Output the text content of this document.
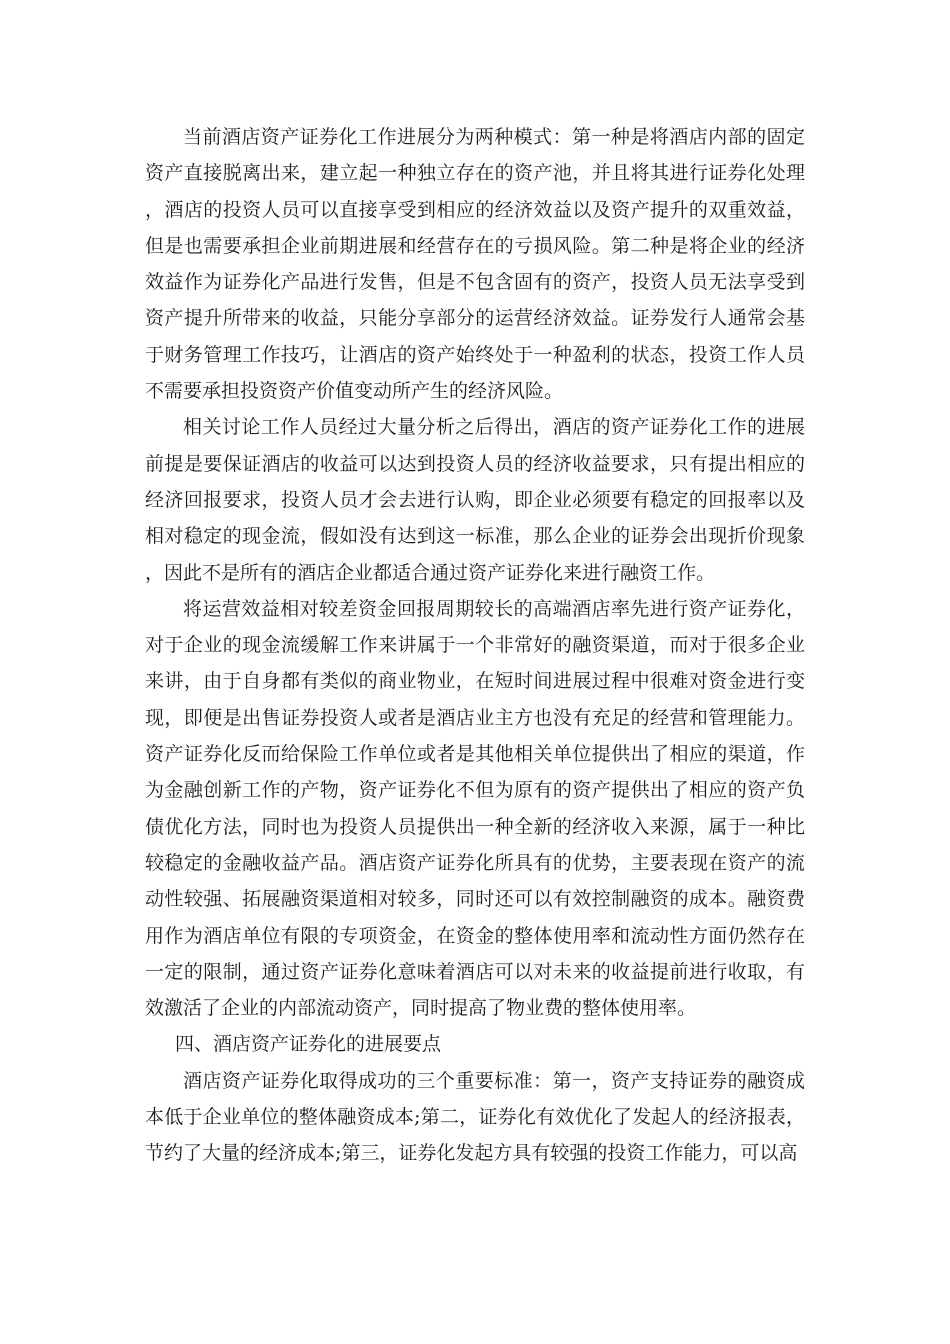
当前酒店资产证券化工作进展分为两种模式：第一种是将酒店内部的固定资产直接脱离出来，建立起一种独立存在的资产池，并且将其进行证券化处理，酒店的投资人员可以直接享受到相应的经济效益以及资产提升的双重效益，但是也需要承担企业前期进展和经营存在的亏损风险。第二种是将企业的经济效益作为证券化产品进行发售，但是不包含固有的资产，投资人员无法享受到资产提升所带来的收益，只能分享部分的运营经济效益。证券发行人通常会基于财务管理工作技巧，让酒店的资产始终处于一种盈利的状态，投资工作人员不需要承担投资资产价值变动所产生的经济风险。

相关讨论工作人员经过大量分析之后得出，酒店的资产证券化工作的进展前提是要保证酒店的收益可以达到投资人员的经济收益要求，只有提出相应的经济回报要求，投资人员才会去进行认购，即企业必须要有稳定的回报率以及相对稳定的现金流，假如没有达到这一标准，那么企业的证券会出现折价现象，因此不是所有的酒店企业都适合通过资产证券化来进行融资工作。

将运营效益相对较差资金回报周期较长的高端酒店率先进行资产证券化，对于企业的现金流缓解工作来讲属于一个非常好的融资渠道，而对于很多企业来讲，由于自身都有类似的商业物业，在短时间进展过程中很难对资金进行变现，即便是出售证券投资人或者是酒店业主方也没有充足的经营和管理能力。资产证券化反而给保险工作单位或者是其他相关单位提供出了相应的渠道，作为金融创新工作的产物，资产证券化不但为原有的资产提供出了相应的资产负债优化方法，同时也为投资人员提供出一种全新的经济收入来源，属于一种比较稳定的金融收益产品。酒店资产证券化所具有的优势，主要表现在资产的流动性较强、拓展融资渠道相对较多，同时还可以有效控制融资的成本。融资费用作为酒店单位有限的专项资金，在资金的整体使用率和流动性方面仍然存在一定的限制，通过资产证券化意味着酒店可以对未来的收益提前进行收取，有效激活了企业的内部流动资产，同时提高了物业费的整体使用率。

四、酒店资产证券化的进展要点

酒店资产证券化取得成功的三个重要标准：第一，资产支持证券的融资成本低于企业单位的整体融资成本;第二，证券化有效优化了发起人的经济报表，节约了大量的经济成本;第三，证券化发起方具有较强的投资工作能力，可以高
